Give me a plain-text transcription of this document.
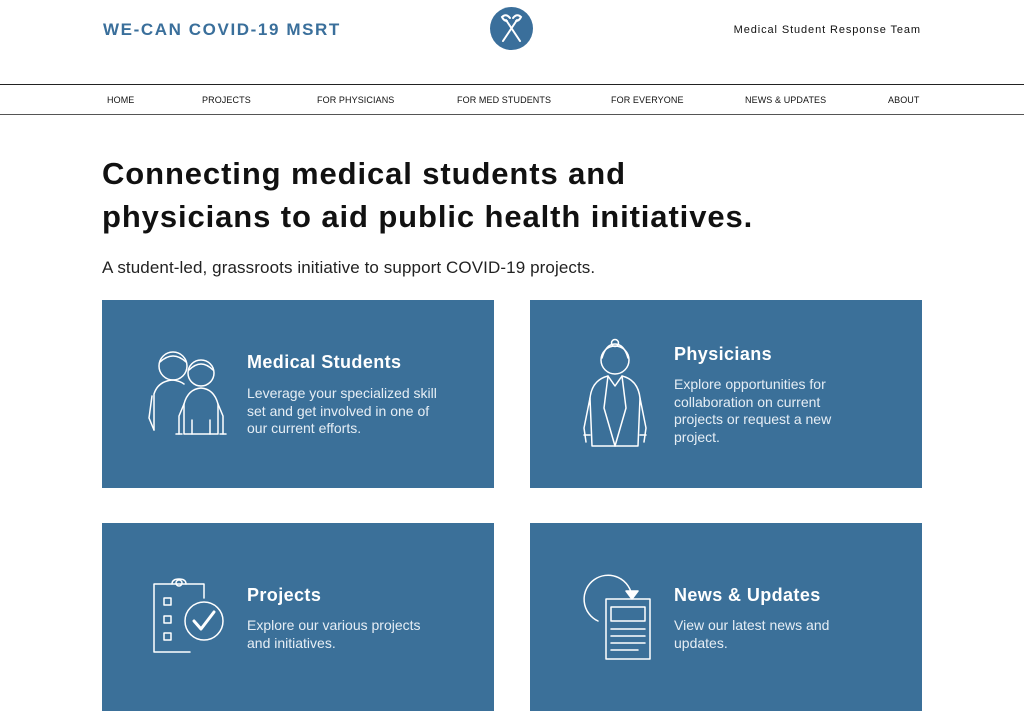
WE-CAN COVID-19 MSRT	Medical Student Response Team
HOME	PROJECTS	FOR PHYSICIANS	FOR MED STUDENTS	FOR EVERYONE	NEWS & UPDATES	ABOUT
Connecting medical students and
physicians to aid public health initiatives.
A student-led, grassroots initiative to support COVID-19 projects.
Medical Students
Leverage your specialized skill
set and get involved in one of
our current efforts.
Physicians
Explore opportunities for
collaboration on current
projects or request a new
project.
Projects
Explore our various projects
and initiatives.
News & Updates
View our latest news and
updates.
